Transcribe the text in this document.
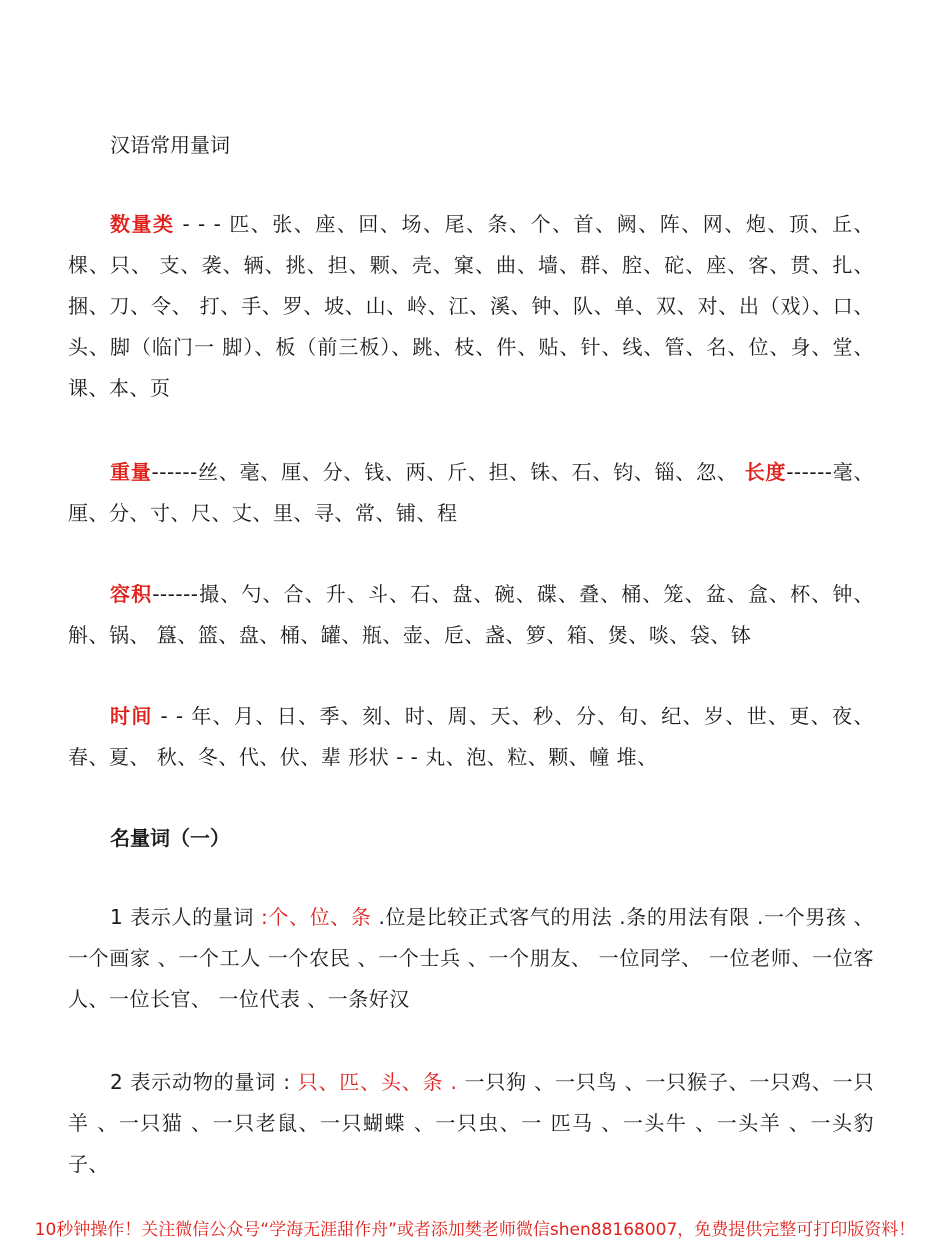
汉语常用量词
数量类 - - - 匹、张、座、回、场、尾、条、个、首、阙、阵、网、炮、顶、丘、棵、只、 支、袭、辆、挑、担、颗、壳、窠、曲、墙、群、腔、砣、座、客、贯、扎、捆、刀、令、 打、手、罗、坡、山、岭、江、溪、钟、队、单、双、对、出（戏）、口、头、脚（临门一 脚）、板（前三板）、跳、枝、件、贴、针、线、管、名、位、身、堂、课、本、页
重量------丝、毫、厘、分、钱、两、斤、担、铢、石、钧、锱、忽、 长度------毫、厘、分、寸、尺、丈、里、寻、常、铺、程
容积------撮、勺、合、升、斗、石、盘、碗、碟、叠、桶、笼、盆、盒、杯、钟、斛、锅、 簋、篮、盘、桶、罐、瓶、壶、卮、盏、箩、箱、煲、啖、袋、钵
时间 - - 年、月、日、季、刻、时、周、天、秒、分、旬、纪、岁、世、更、夜、春、夏、 秋、冬、代、伏、辈 形状 - - 丸、泡、粒、颗、幢 堆、
名量词（一）
1 表示人的量词 :个、位、条 .位是比较正式客气的用法 .条的用法有限 .一个男孩 、一个画家 、一个工人 一个农民 、一个士兵 、一个朋友、 一位同学、 一位老师、一位客人、一位长官、 一位代表 、一条好汉
2 表示动物的量词 : 只、匹、头、条 . 一只狗 、一只鸟 、一只猴子、一只鸡、一只羊 、一只猫 、一只老鼠、一只蝴蝶 、一只虫、一 匹马 、一头牛 、一头羊 、一头豹子、
10秒钟操作！关注微信公众号“学海无涯甜作舟”或者添加樊老师微信shen88168007，免费提供完整可打印版资料！
